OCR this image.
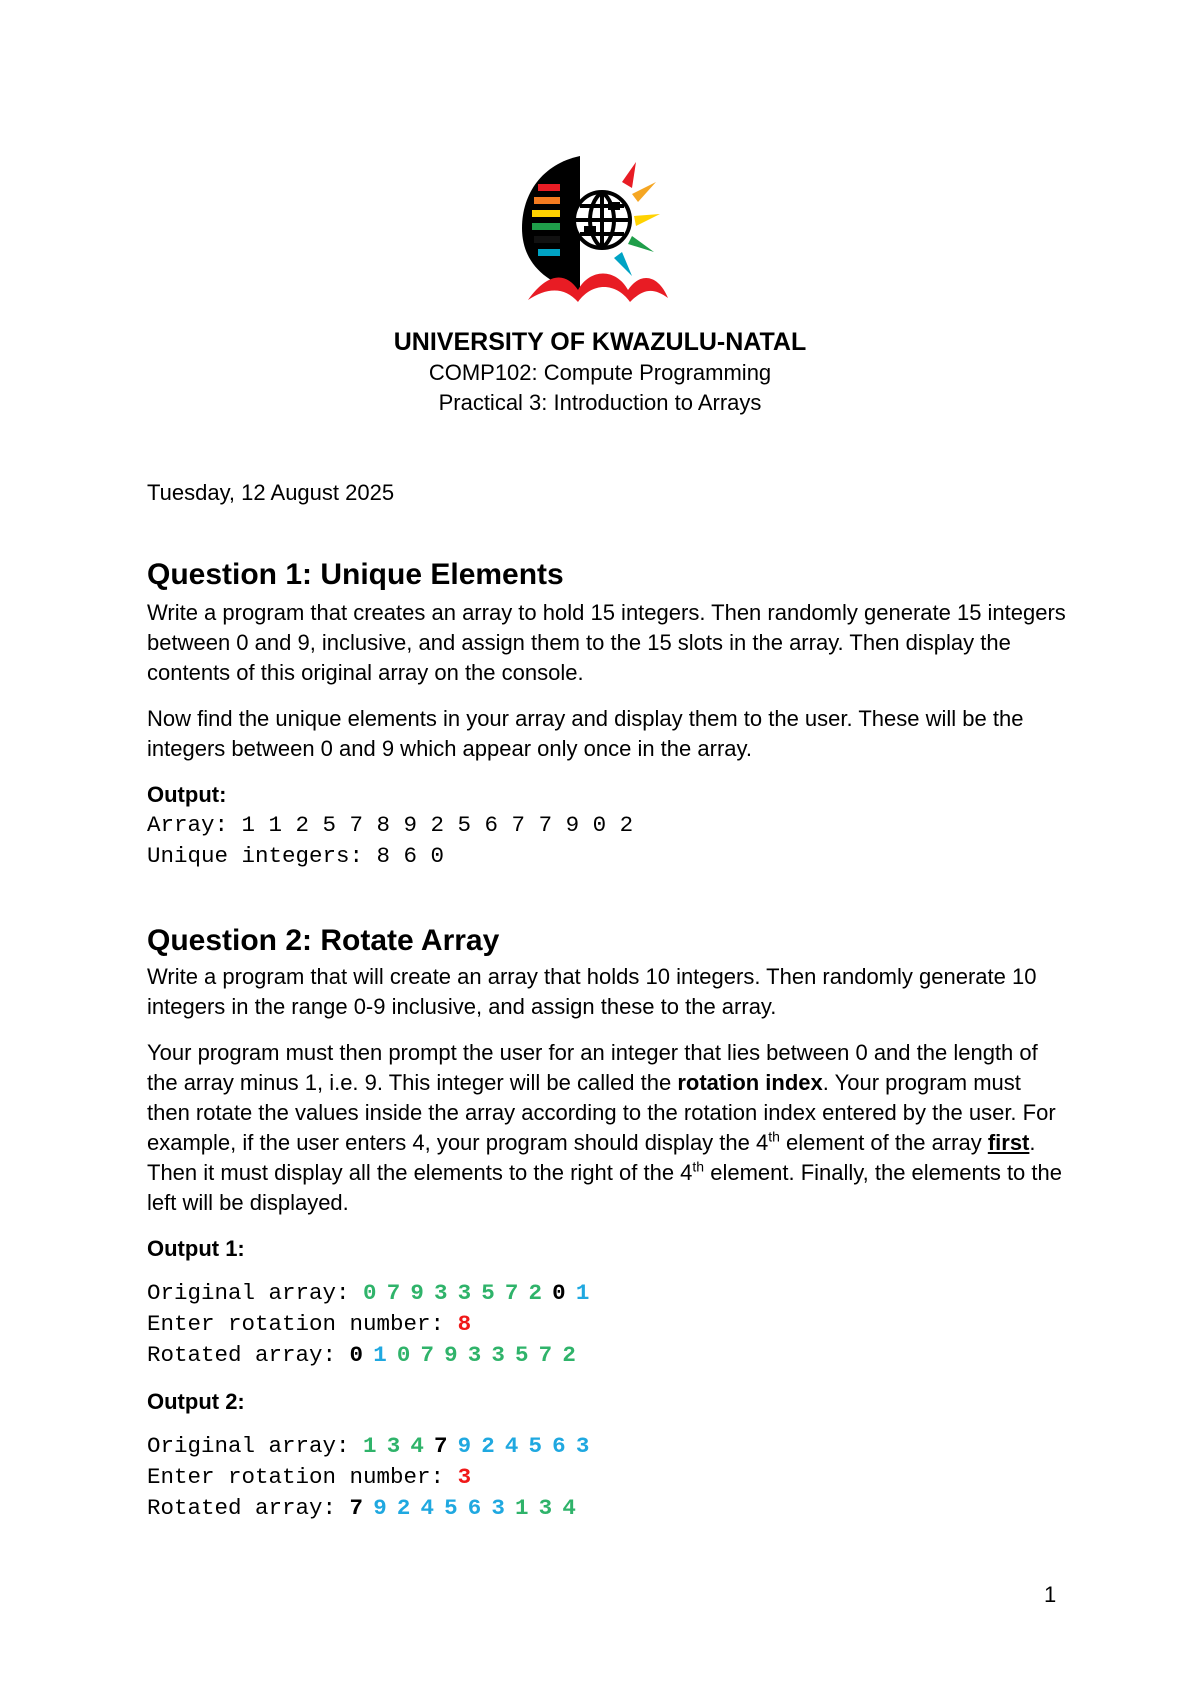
UNIVERSITY OF KWAZULU-NATAL
COMP102: Compute Programming
Practical 3: Introduction to Arrays
Tuesday, 12 August 2025
Question 1: Unique Elements

Write a program that creates an array to hold 15 integers. Then randomly generate 15 integers between 0 and 9, inclusive, and assign them to the 15 slots in the array. Then display the contents of this original array on the console.

Now find the unique elements in your array and display them to the user. These will be the integers between 0 and 9 which appear only once in the array.

Output:
Array: 1 1 2 5 7 8 9 2 5 6 7 7 9 0 2
Unique integers: 8 6 0
Question 2: Rotate Array

Write a program that will create an array that holds 10 integers. Then randomly generate 10 integers in the range 0-9 inclusive, and assign these to the array.

Your program must then prompt the user for an integer that lies between 0 and the length of the array minus 1, i.e. 9. This integer will be called the rotation index. Your program must then rotate the values inside the array according to the rotation index entered by the user. For example, if the user enters 4, your program should display the 4th element of the array first. Then it must display all the elements to the right of the 4th element. Finally, the elements to the left will be displayed.

Output 1:
Original array: 0 7 9 3 3 5 7 2 0 1
Enter rotation number: 8
Rotated array: 0 1 0 7 9 3 3 5 7 2
Output 2:
Original array: 1 3 4 7 9 2 4 5 6 3
Enter rotation number: 3
Rotated array: 7 9 2 4 5 6 3 1 3 4
1
